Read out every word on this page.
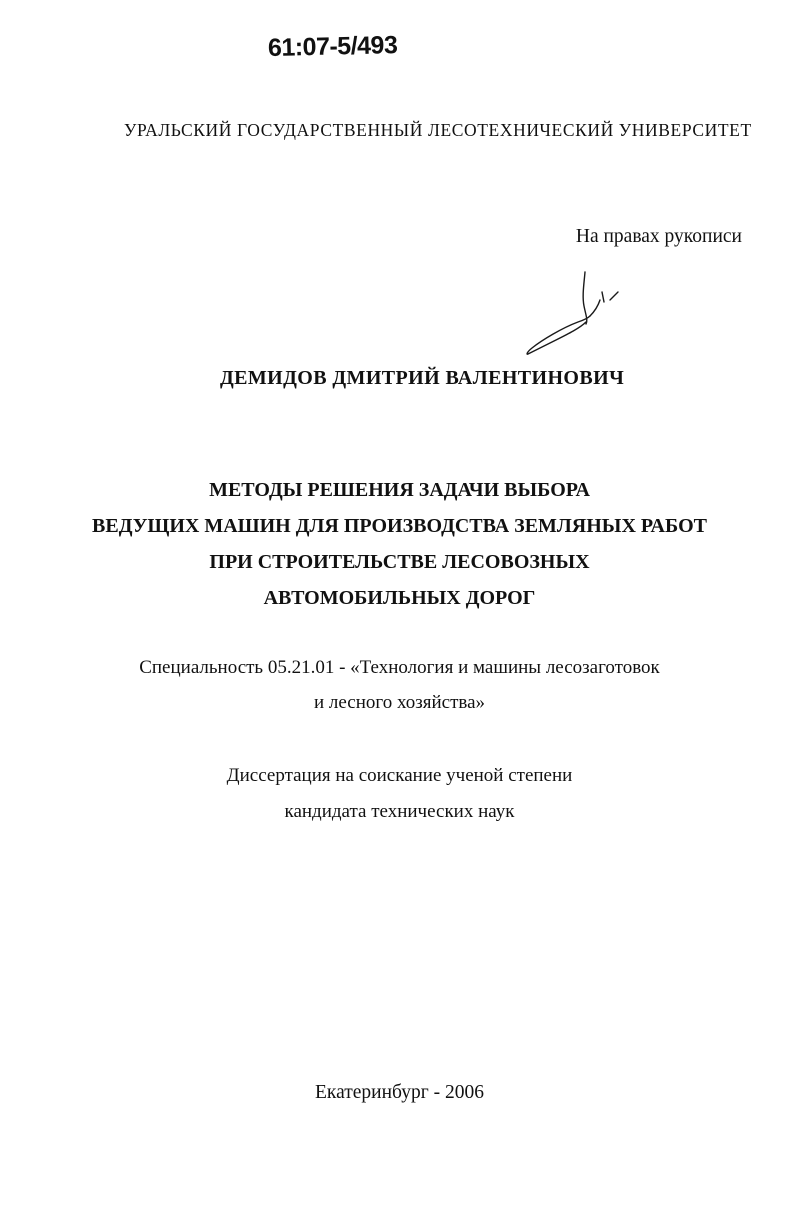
61:07-5/493
УРАЛЬСКИЙ ГОСУДАРСТВЕННЫЙ ЛЕСОТЕХНИЧЕСКИЙ УНИВЕРСИТЕТ
На правах рукописи
ДЕМИДОВ ДМИТРИЙ ВАЛЕНТИНОВИЧ
МЕТОДЫ РЕШЕНИЯ ЗАДАЧИ ВЫБОРА
ВЕДУЩИХ МАШИН ДЛЯ ПРОИЗВОДСТВА ЗЕМЛЯНЫХ РАБОТ
ПРИ СТРОИТЕЛЬСТВЕ ЛЕСОВОЗНЫХ
АВТОМОБИЛЬНЫХ ДОРОГ
Специальность 05.21.01 - «Технология и машины лесозаготовок
и лесного хозяйства»
Диссертация на соискание ученой степени
кандидата технических наук
Екатеринбург - 2006
